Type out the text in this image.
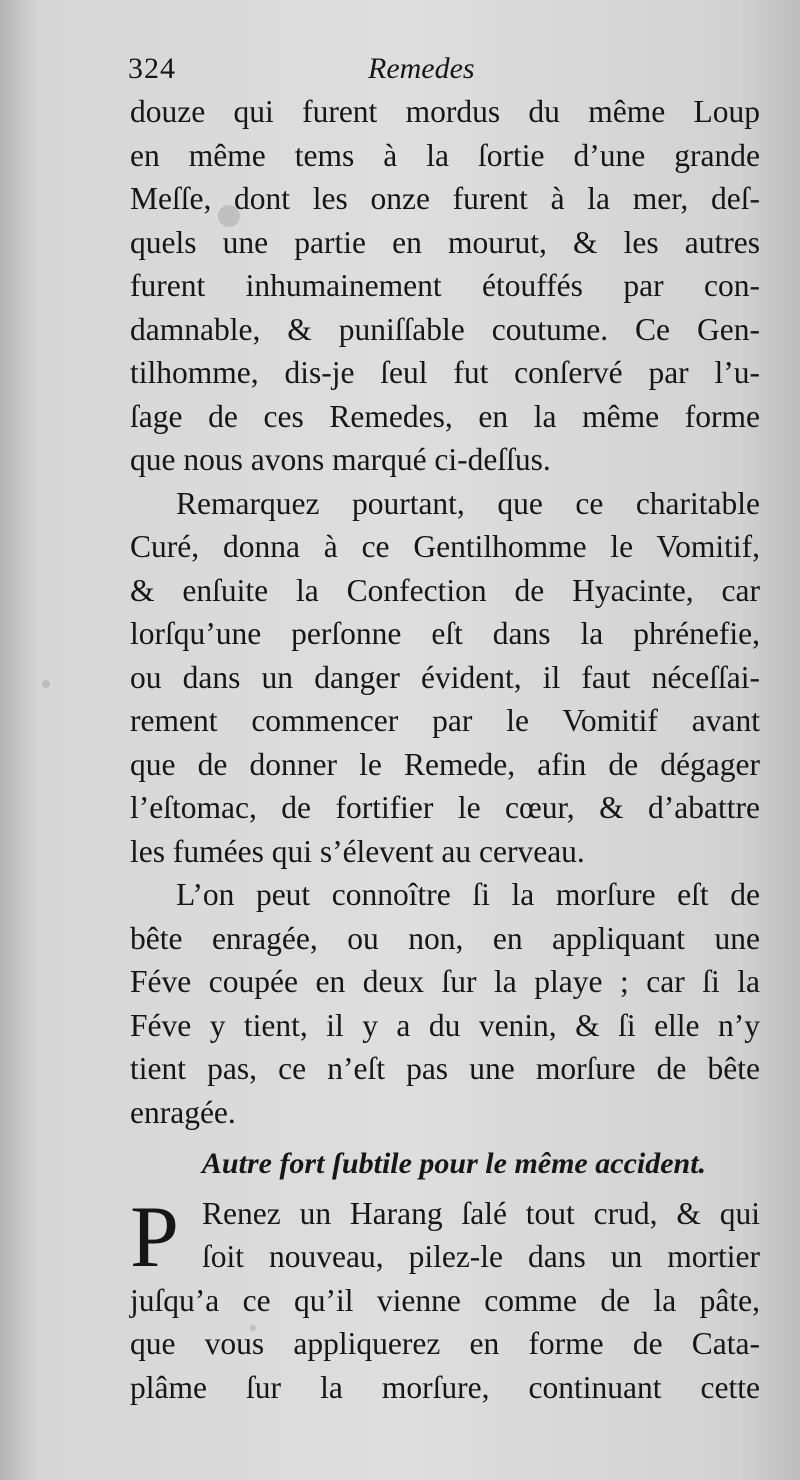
324	Remedes
douze qui furent mordus du même Loup
en même tems à la ſortie d’une grande
Meſſe, dont les onze furent à la mer, deſ-
quels une partie en mourut, & les autres
furent inhumainement étouffés par con-
damnable, & puniſſable coutume. Ce Gen-
tilhomme, dis-je ſeul fut conſervé par l’u-
ſage de ces Remedes, en la même forme
que nous avons marqué ci-deſſus.
Remarquez pourtant, que ce charitable
Curé, donna à ce Gentilhomme le Vomitif,
& enſuite la Confection de Hyacinte, car
lorſqu’une perſonne eſt dans la phrénefie,
ou dans un danger évident, il faut néceſſai-
rement commencer par le Vomitif avant
que de donner le Remede, afin de dégager
l’eſtomac, de fortifier le cœur, & d’abattre
les fumées qui s’élevent au cerveau.
L’on peut connoître ſi la morſure eſt de
bête enragée, ou non, en appliquant une
Féve coupée en deux ſur la playe ; car ſi la
Féve y tient, il y a du venin, & ſi elle n’y
tient pas, ce n’eſt pas une morſure de bête
enragée.
Autre fort ſubtile pour le même accident.
P Renez un Harang ſalé tout crud, & qui
ſoit nouveau, pilez-le dans un mortier
juſqu’a ce qu’il vienne comme de la pâte,
que vous appliquerez en forme de Cata-
plâme ſur la morſure, continuant cette
